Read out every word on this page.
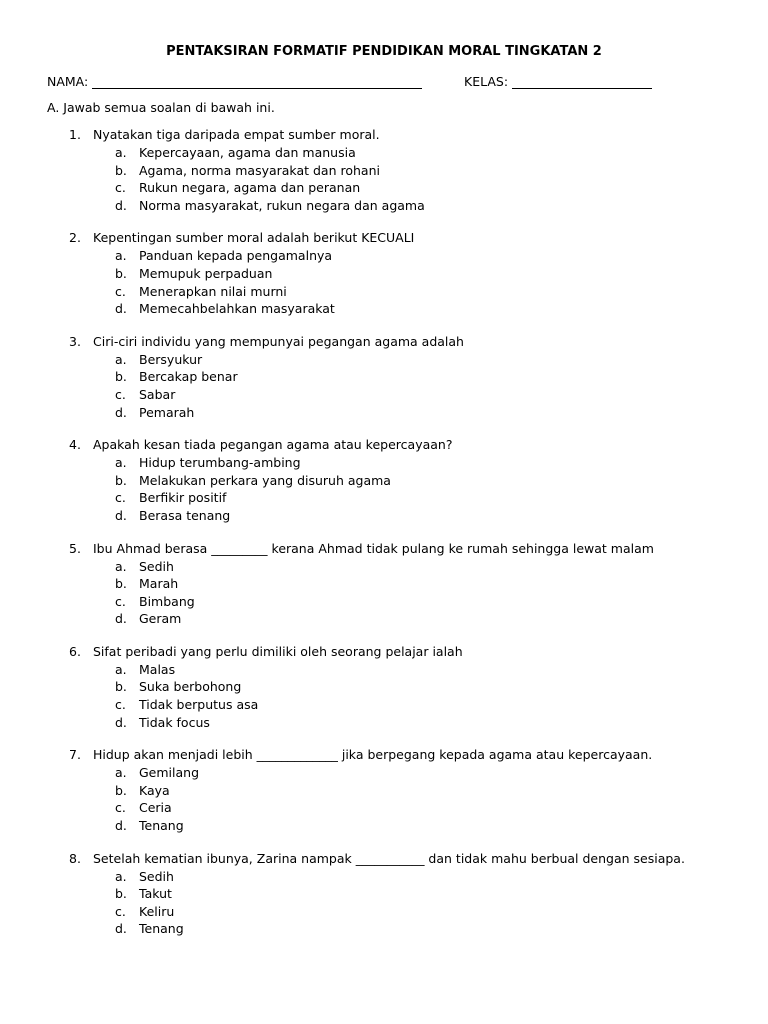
PENTAKSIRAN FORMATIF PENDIDIKAN MORAL TINGKATAN 2
NAMA:	KELAS:
A. Jawab semua soalan di bawah ini.
1. Nyatakan tiga daripada empat sumber moral.
a. Kepercayaan, agama dan manusia
b. Agama, norma masyarakat dan rohani
c.	Rukun negara, agama dan peranan
d. Norma masyarakat, rukun negara dan agama
2. Kepentingan sumber moral adalah berikut KECUALI
a. Panduan kepada pengamalnya
b. Memupuk perpaduan
c.	Menerapkan nilai murni
d. Memecahbelahkan masyarakat
3. Ciri-ciri individu yang mempunyai pegangan agama adalah
a. Bersyukur
b. Bercakap benar
c.	Sabar
d. Pemarah
4. Apakah kesan tiada pegangan agama atau kepercayaan?
a. Hidup terumbang-ambing
b. Melakukan perkara yang disuruh agama
c.	Berfikir positif
d. Berasa tenang
5. Ibu Ahmad berasa _________ kerana Ahmad tidak pulang ke rumah sehingga lewat malam
a. Sedih
b. Marah
c.	Bimbang
d. Geram
6. Sifat peribadi yang perlu dimiliki oleh seorang pelajar ialah
a. Malas
b. Suka berbohong
c.	Tidak berputus asa
d. Tidak focus
7. Hidup akan menjadi lebih _____________ jika berpegang kepada agama atau kepercayaan.
a. Gemilang
b. Kaya
c.	Ceria
d. Tenang
8. Setelah kematian ibunya, Zarina nampak ___________ dan tidak mahu berbual dengan sesiapa.
a. Sedih
b. Takut
c.	Keliru
d. Tenang
